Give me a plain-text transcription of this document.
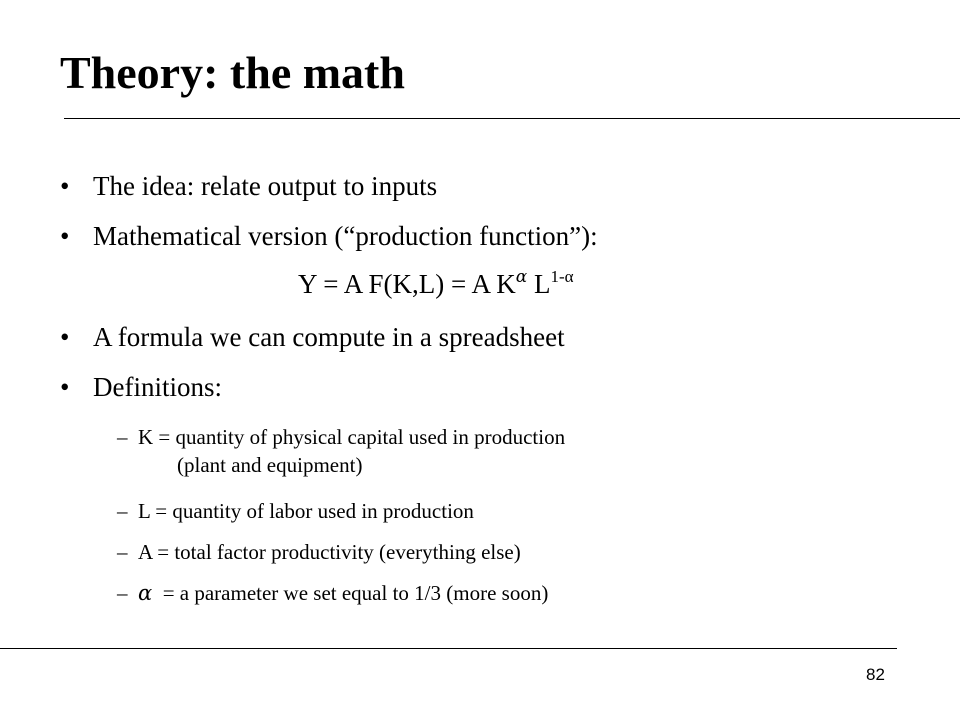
Theory: the math
• The idea: relate output to inputs
• Mathematical version (“production function”):
Y = A F(K,L) = A $K^\alpha$ $L^{1-\alpha}$
• A formula we can compute in a spreadsheet
• Definitions:
– K = quantity of physical capital used in production
(plant and equipment)
– L = quantity of labor used in production
– A = total factor productivity (everything else)
– α  = a parameter we set equal to 1/3 (more soon)
82
